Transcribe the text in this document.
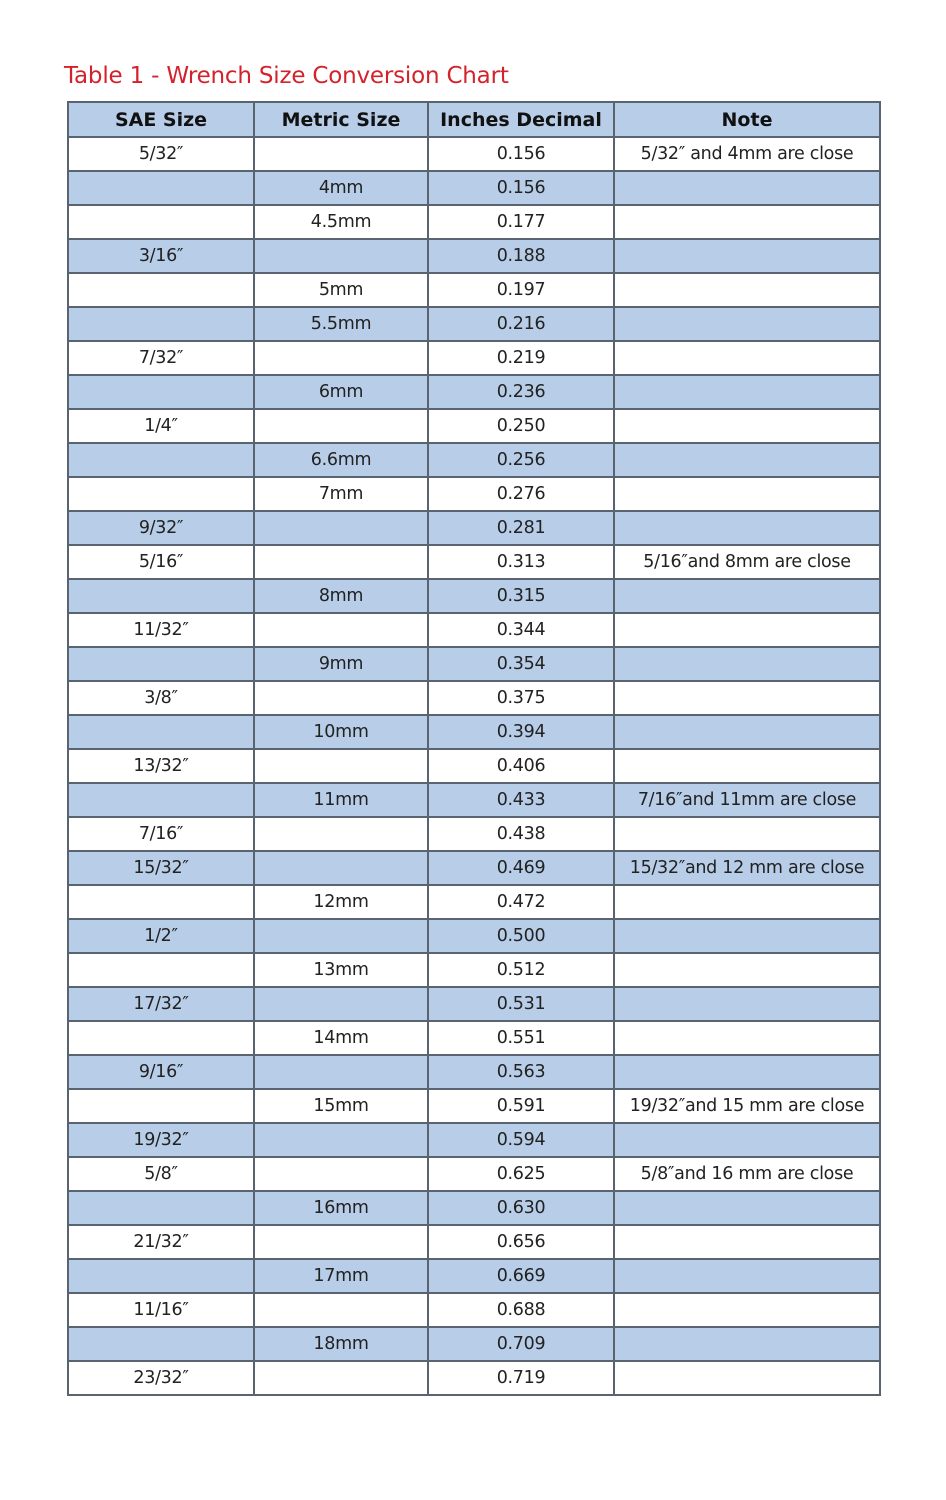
Table 1 - Wrench Size Conversion Chart
SAE Size	Metric Size	Inches Decimal	Note
5/32″		0.156	5/32″ and 4mm are close
	4mm	0.156	
	4.5mm	0.177	
3/16″		0.188	
	5mm	0.197	
	5.5mm	0.216	
7/32″		0.219	
	6mm	0.236	
1/4″		0.250	
	6.6mm	0.256	
	7mm	0.276	
9/32″		0.281	
5/16″		0.313	5/16″and 8mm are close
	8mm	0.315	
11/32″		0.344	
	9mm	0.354	
3/8″		0.375	
	10mm	0.394	
13/32″		0.406	
	11mm	0.433	7/16″and 11mm are close
7/16″		0.438	
15/32″		0.469	15/32″and 12 mm are close
	12mm	0.472	
1/2″		0.500	
	13mm	0.512	
17/32″		0.531	
	14mm	0.551	
9/16″		0.563	
	15mm	0.591	19/32″and 15 mm are close
19/32″		0.594	
5/8″		0.625	5/8″and 16 mm are close
	16mm	0.630	
21/32″		0.656	
	17mm	0.669	
11/16″		0.688	
	18mm	0.709	
23/32″		0.719	
